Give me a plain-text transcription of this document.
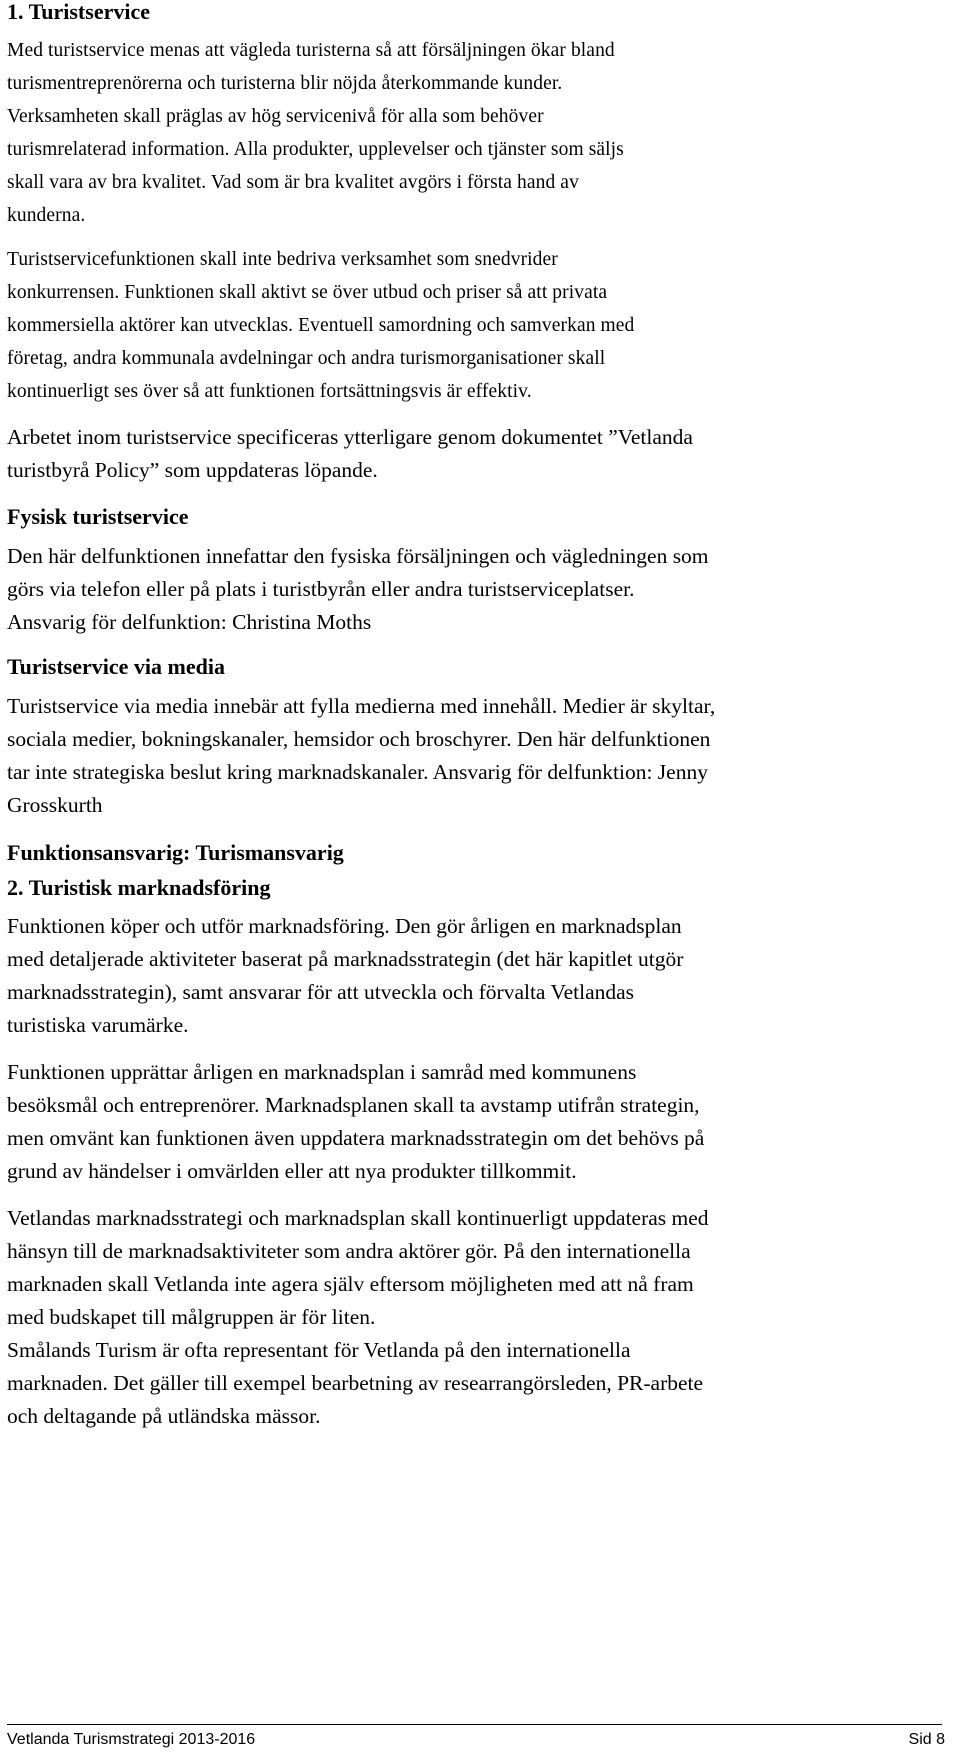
1. Turistservice
Med turistservice menas att vägleda turisterna så att försäljningen ökar bland
turismentreprenörerna och turisterna blir nöjda återkommande kunder.
Verksamheten skall präglas av hög servicenivå för alla som behöver
turismrelaterad information. Alla produkter, upplevelser och tjänster som säljs
skall vara av bra kvalitet. Vad som är bra kvalitet avgörs i första hand av
kunderna.
Turistservicefunktionen skall inte bedriva verksamhet som snedvrider
konkurrensen. Funktionen skall aktivt se över utbud och priser så att privata
kommersiella aktörer kan utvecklas. Eventuell samordning och samverkan med
företag, andra kommunala avdelningar och andra turismorganisationer skall
kontinuerligt ses över så att funktionen fortsättningsvis är effektiv.
Arbetet inom turistservice specificeras ytterligare genom dokumentet ”Vetlanda
turistbyrå Policy” som uppdateras löpande.
Fysisk turistservice
Den här delfunktionen innefattar den fysiska försäljningen och vägledningen som
görs via telefon eller på plats i turistbyrån eller andra turistserviceplatser.
Ansvarig för delfunktion: Christina Moths
Turistservice via media
Turistservice via media innebär att fylla medierna med innehåll. Medier är skyltar,
sociala medier, bokningskanaler, hemsidor och broschyrer. Den här delfunktionen
tar inte strategiska beslut kring marknadskanaler. Ansvarig för delfunktion: Jenny
Grosskurth
Funktionsansvarig: Turismansvarig
2. Turistisk marknadsföring
Funktionen köper och utför marknadsföring. Den gör årligen en marknadsplan
med detaljerade aktiviteter baserat på marknadsstrategin (det här kapitlet utgör
marknadsstrategin), samt ansvarar för att utveckla och förvalta Vetlandas
turistiska varumärke.
Funktionen upprättar årligen en marknadsplan i samråd med kommunens
besöksmål och entreprenörer. Marknadsplanen skall ta avstamp utifrån strategin,
men omvänt kan funktionen även uppdatera marknadsstrategin om det behövs på
grund av händelser i omvärlden eller att nya produkter tillkommit.
Vetlandas marknadsstrategi och marknadsplan skall kontinuerligt uppdateras med
hänsyn till de marknadsaktiviteter som andra aktörer gör. På den internationella
marknaden skall Vetlanda inte agera själv eftersom möjligheten med att nå fram
med budskapet till målgruppen är för liten.
Smålands Turism är ofta representant för Vetlanda på den internationella
marknaden. Det gäller till exempel bearbetning av researrangörsleden, PR-arbete
och deltagande på utländska mässor.
Vetlanda Turismstrategi 2013-2016	Sid 8
